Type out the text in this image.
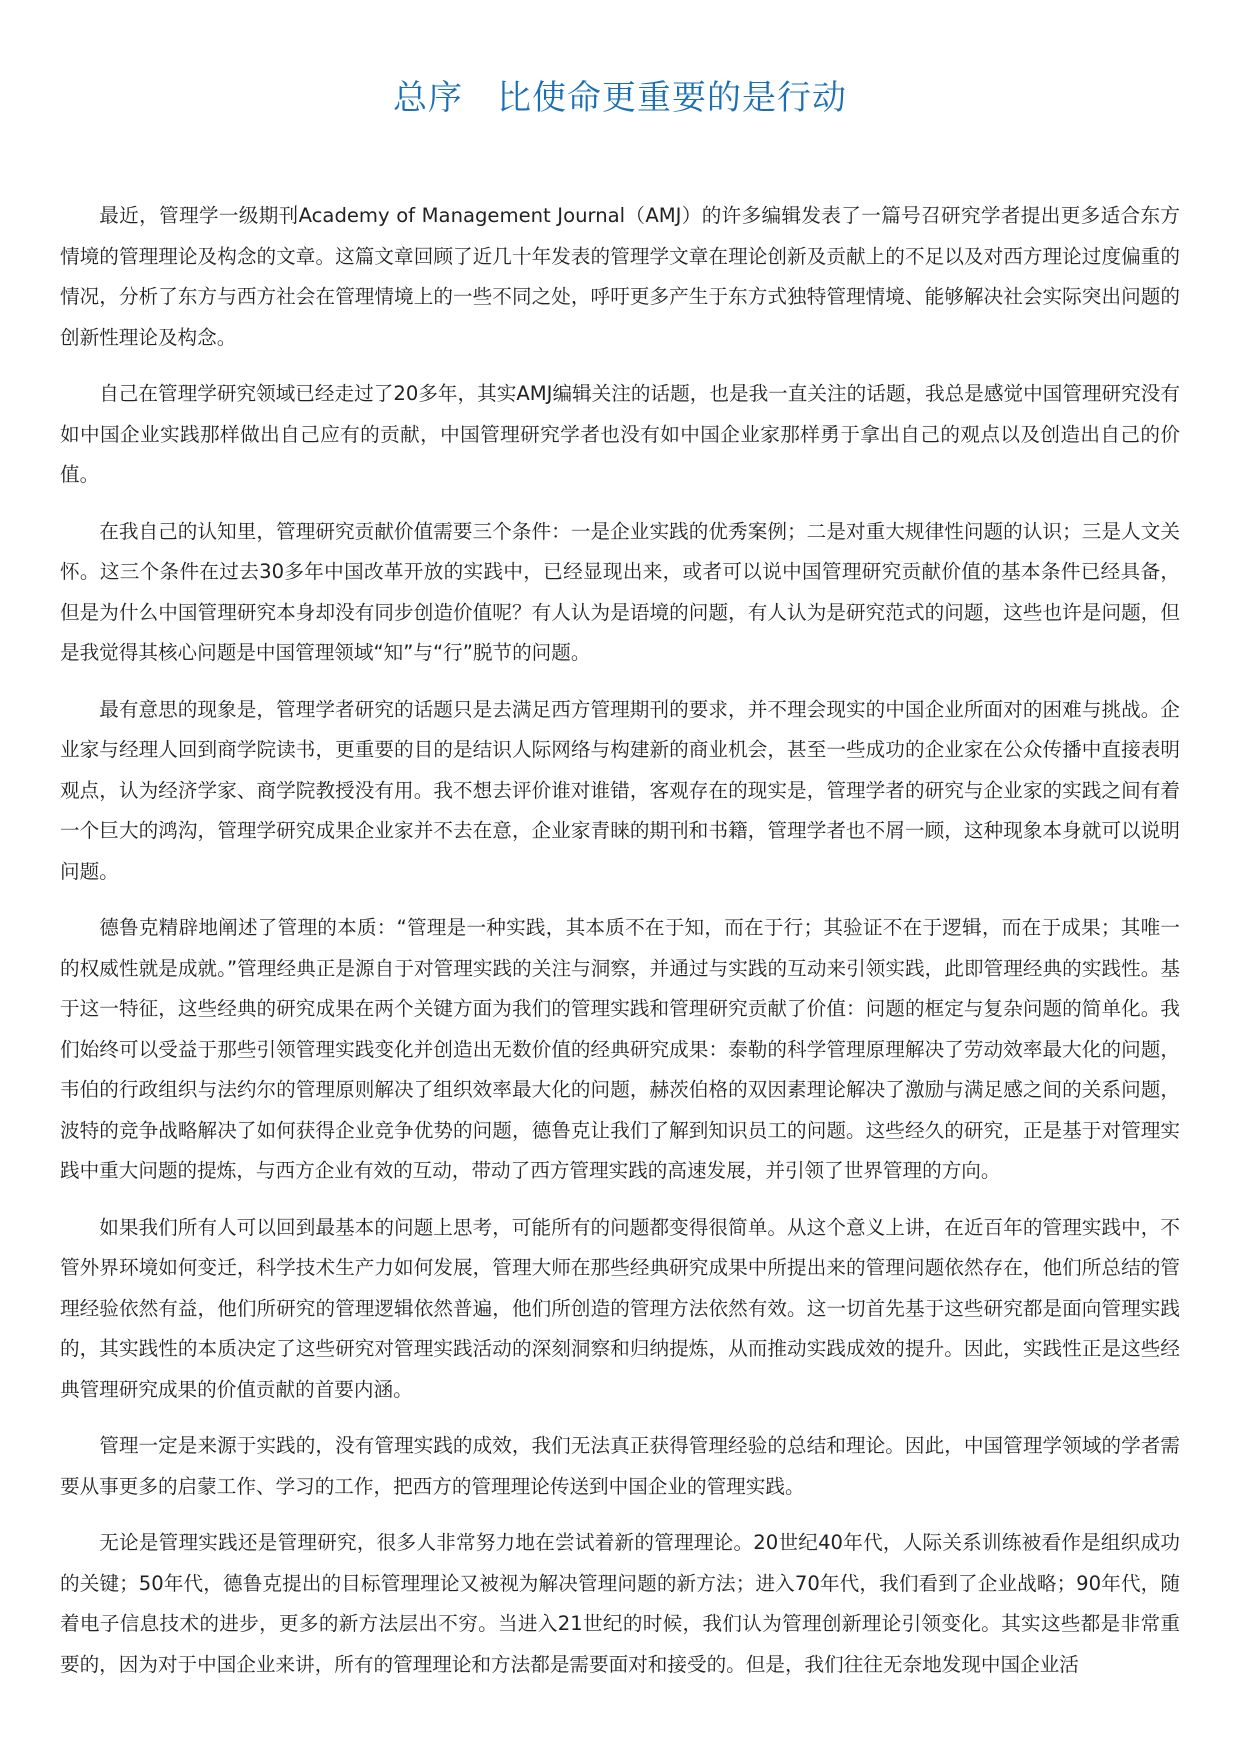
总序 比使命更重要的是行动

最近，管理学一级期刊Academy of Management Journal（AMJ）的许多编辑发表了一篇号召研究学者提出更多适合东方情境的管理理论及构念的文章。这篇文章回顾了近几十年发表的管理学文章在理论创新及贡献上的不足以及对西方理论过度偏重的情况，分析了东方与西方社会在管理情境上的一些不同之处，呼吁更多产生于东方式独特管理情境、能够解决社会实际突出问题的创新性理论及构念。

自己在管理学研究领域已经走过了20多年，其实AMJ编辑关注的话题，也是我一直关注的话题，我总是感觉中国管理研究没有如中国企业实践那样做出自己应有的贡献，中国管理研究学者也没有如中国企业家那样勇于拿出自己的观点以及创造出自己的价值。

在我自己的认知里，管理研究贡献价值需要三个条件：一是企业实践的优秀案例；二是对重大规律性问题的认识；三是人文关怀。这三个条件在过去30多年中国改革开放的实践中，已经显现出来，或者可以说中国管理研究贡献价值的基本条件已经具备，但是为什么中国管理研究本身却没有同步创造价值呢？有人认为是语境的问题，有人认为是研究范式的问题，这些也许是问题，但是我觉得其核心问题是中国管理领域“知”与“行”脱节的问题。

最有意思的现象是，管理学者研究的话题只是去满足西方管理期刊的要求，并不理会现实的中国企业所面对的困难与挑战。企业家与经理人回到商学院读书，更重要的目的是结识人际网络与构建新的商业机会，甚至一些成功的企业家在公众传播中直接表明观点，认为经济学家、商学院教授没有用。我不想去评价谁对谁错，客观存在的现实是，管理学者的研究与企业家的实践之间有着一个巨大的鸿沟，管理学研究成果企业家并不去在意，企业家青睐的期刊和书籍，管理学者也不屑一顾，这种现象本身就可以说明问题。

德鲁克精辟地阐述了管理的本质：“管理是一种实践，其本质不在于知，而在于行；其验证不在于逻辑，而在于成果；其唯一的权威性就是成就。”管理经典正是源自于对管理实践的关注与洞察，并通过与实践的互动来引领实践，此即管理经典的实践性。基于这一特征，这些经典的研究成果在两个关键方面为我们的管理实践和管理研究贡献了价值：问题的框定与复杂问题的简单化。我们始终可以受益于那些引领管理实践变化并创造出无数价值的经典研究成果：泰勒的科学管理原理解决了劳动效率最大化的问题，韦伯的行政组织与法约尔的管理原则解决了组织效率最大化的问题，赫茨伯格的双因素理论解决了激励与满足感之间的关系问题，波特的竞争战略解决了如何获得企业竞争优势的问题，德鲁克让我们了解到知识员工的问题。这些经久的研究，正是基于对管理实践中重大问题的提炼，与西方企业有效的互动，带动了西方管理实践的高速发展，并引领了世界管理的方向。

如果我们所有人可以回到最基本的问题上思考，可能所有的问题都变得很简单。从这个意义上讲，在近百年的管理实践中，不管外界环境如何变迁，科学技术生产力如何发展，管理大师在那些经典研究成果中所提出来的管理问题依然存在，他们所总结的管理经验依然有益，他们所研究的管理逻辑依然普遍，他们所创造的管理方法依然有效。这一切首先基于这些研究都是面向管理实践的，其实践性的本质决定了这些研究对管理实践活动的深刻洞察和归纳提炼，从而推动实践成效的提升。因此，实践性正是这些经典管理研究成果的价值贡献的首要内涵。

管理一定是来源于实践的，没有管理实践的成效，我们无法真正获得管理经验的总结和理论。因此，中国管理学领域的学者需要从事更多的启蒙工作、学习的工作，把西方的管理理论传送到中国企业的管理实践。

无论是管理实践还是管理研究，很多人非常努力地在尝试着新的管理理论。20世纪40年代，人际关系训练被看作是组织成功的关键；50年代，德鲁克提出的目标管理理论又被视为解决管理问题的新方法；进入70年代，我们看到了企业战略；90年代，随着电子信息技术的进步，更多的新方法层出不穷。当进入21世纪的时候，我们认为管理创新理论引领变化。其实这些都是非常重要的，因为对于中国企业来讲，所有的管理理论和方法都是需要面对和接受的。但是，我们往往无奈地发现中国企业活
